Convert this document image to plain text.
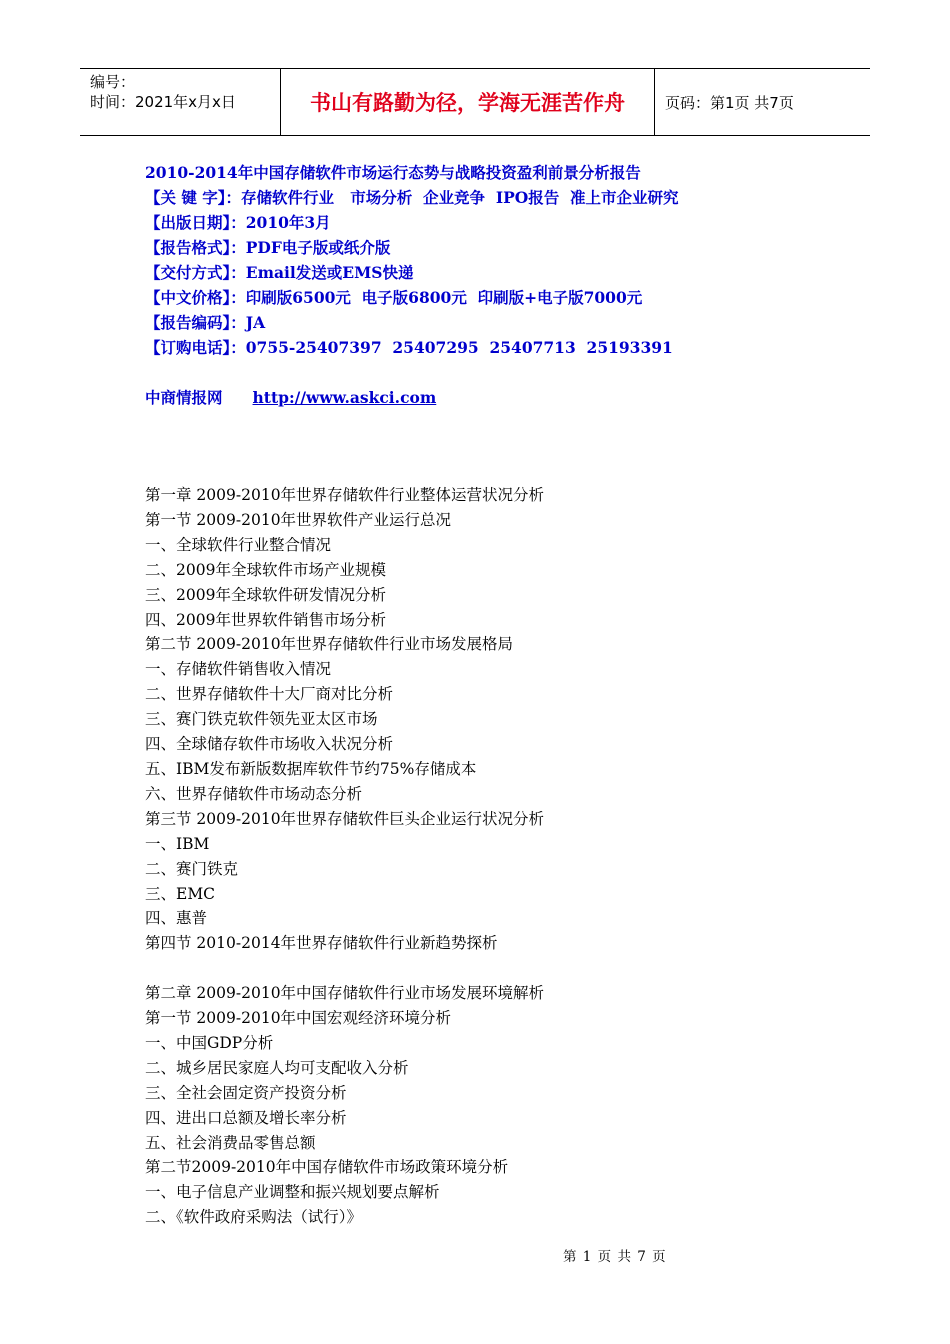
编号：
时间：2021年x月x日	书山有路勤为径，学海无涯苦作舟	页码：第1页 共7页
2010-2014年中国存储软件市场运行态势与战略投资盈利前景分析报告
【关 键 字】：存储软件行业   市场分析  企业竞争  IPO报告  准上市企业研究
【出版日期】：2010年3月
【报告格式】：PDF电子版或纸介版
【交付方式】：Email发送或EMS快递
【中文价格】：印刷版6500元  电子版6800元  印刷版+电子版7000元
【报告编码】：JA
【订购电话】：0755-25407397  25407295  25407713  25193391
中商情报网 http://www.askci.com
第一章 2009-2010年世界存储软件行业整体运营状况分析
第一节 2009-2010年世界软件产业运行总况
一、全球软件行业整合情况
二、2009年全球软件市场产业规模
三、2009年全球软件研发情况分析
四、2009年世界软件销售市场分析
第二节 2009-2010年世界存储软件行业市场发展格局
一、存储软件销售收入情况
二、世界存储软件十大厂商对比分析
三、赛门铁克软件领先亚太区市场
四、全球储存软件市场收入状况分析
五、IBM发布新版数据库软件节约75%存储成本
六、世界存储软件市场动态分析
第三节 2009-2010年世界存储软件巨头企业运行状况分析
一、IBM
二、赛门铁克
三、EMC
四、惠普
第四节 2010-2014年世界存储软件行业新趋势探析
第二章 2009-2010年中国存储软件行业市场发展环境解析
第一节 2009-2010年中国宏观经济环境分析
一、中国GDP分析
二、城乡居民家庭人均可支配收入分析
三、全社会固定资产投资分析
四、进出口总额及增长率分析
五、社会消费品零售总额
第二节2009-2010年中国存储软件市场政策环境分析
一、电子信息产业调整和振兴规划要点解析
二、《软件政府采购法（试行）》
第 1 页 共 7 页
